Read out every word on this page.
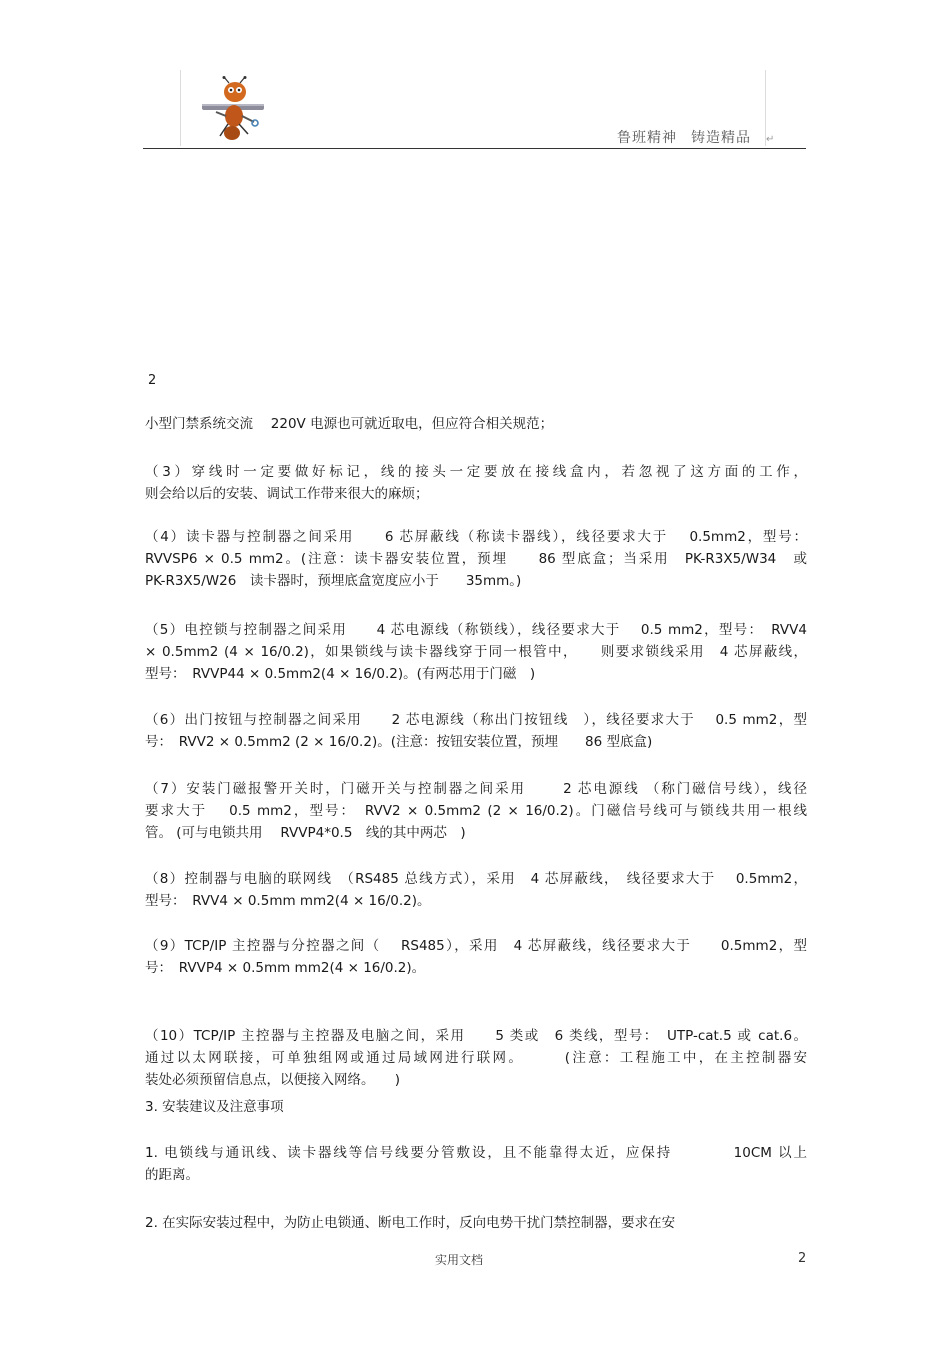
鲁班精神 铸造精品 ↵
2
小型门禁系统交流　 220V 电源也可就近取电，但应符合相关规范；
（3）穿线时一定要做好标记，线的接头一定要放在接线盒内，若忽视了这方面的工作，
则会给以后的安装、调试工作带来很大的麻烦；
（4）读卡器与控制器之间采用　　6 芯屏蔽线（称读卡器线），线径要求大于　 0.5mm2，型号：
RVVSP6 × 0.5 mm2。(注意：读卡器安装位置，预埋　　86 型底盒；当采用　PK-R3X5/W34　或
PK-R3X5/W26　读卡器时，预埋底盒宽度应小于　　35mm。)
（5）电控锁与控制器之间采用　　4 芯电源线（称锁线），线径要求大于　 0.5 mm2，型号：　RVV4
× 0.5mm2 (4 × 16/0.2)，如果锁线与读卡器线穿于同一根管中，　　则要求锁线采用　4 芯屏蔽线，
型号：　RVVP44 × 0.5mm2(4 × 16/0.2)。(有两芯用于门磁　)
（6）出门按钮与控制器之间采用　　2 芯电源线（称出门按钮线　），线径要求大于　 0.5 mm2，型
号：　RVV2 × 0.5mm2 (2 × 16/0.2)。(注意：按钮安装位置，预埋　　86 型底盒)
（7）安装门磁报警开关时，门磁开关与控制器之间采用　　 2 芯电源线 （称门磁信号线），线径
要求大于　 0.5 mm2，型号：　RVV2 × 0.5mm2 (2 × 16/0.2)。门磁信号线可与锁线共用一根线
管。 (可与电锁共用　 RVVP4*0.5　线的其中两芯　)
（8）控制器与电脑的联网线　（RS485 总线方式），采用　4 芯屏蔽线，　线径要求大于　 0.5mm2，
型号：　RVV4 × 0.5mm mm2(4 × 16/0.2)。
（9）TCP/IP 主控器与分控器之间（　 RS485），采用　4 芯屏蔽线，线径要求大于　　0.5mm2，型
号：　RVVP4 × 0.5mm mm2(4 × 16/0.2)。
（10）TCP/IP 主控器与主控器及电脑之间，采用　　5 类或　6 类线，型号：　UTP-cat.5 或 cat.6。
通过以太网联接，可单独组网或通过局域网进行联网。　　　(注意：工程施工中，在主控制器安
装处必须预留信息点，以便接入网络。　　)
3. 安装建议及注意事项
1. 电锁线与通讯线、读卡器线等信号线要分管敷设，且不能靠得太近，应保持　　　　10CM 以上
的距离。
2. 在实际安装过程中，为防止电锁通、断电工作时，反向电势干扰门禁控制器，要求在安
实用文档	2
